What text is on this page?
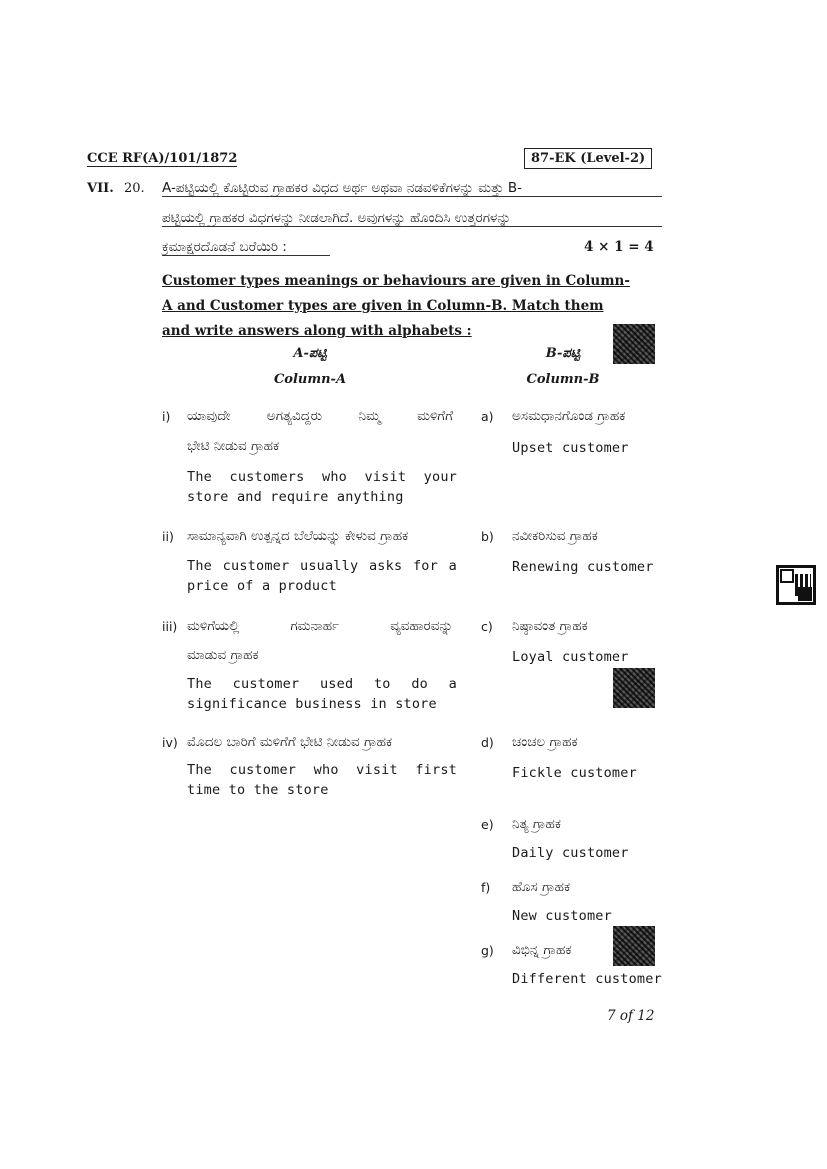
CCE RF(A)/101/1872	87-EK (Level-2)
VII. 20. A-ಪಟ್ಟಿಯಲ್ಲಿ ಕೊಟ್ಟಿರುವ ಗ್ರಾಹಕರ ವಿಧದ ಅರ್ಥ ಅಥವಾ ನಡವಳಿಕೆಗಳನ್ನು ಮತ್ತು B-
ಪಟ್ಟಿಯಲ್ಲಿ ಗ್ರಾಹಕರ ವಿಧಗಳನ್ನು ನೀಡಲಾಗಿದೆ. ಅವುಗಳನ್ನು ಹೊಂದಿಸಿ ಉತ್ತರಗಳನ್ನು
ಕ್ರಮಾಕ್ಷರದೊಡನೆ ಬರೆಯಿರಿ :	4 × 1 = 4
Customer types meanings or behaviours are given in Column-
A and Customer types are given in Column-B. Match them
and write answers along with alphabets :
A-ಪಟ್ಟಿ
Column-A
B-ಪಟ್ಟಿ
Column-B
i) ಯಾವುದೇ ಅಗತ್ಯವಿದ್ದರು ನಿಮ್ಮ ಮಳಿಗೆಗೆ
ಭೇಟಿ ನೀಡುವ ಗ್ರಾಹಕ
The customers who visit your store and require anything
ii) ಸಾಮಾನ್ಯವಾಗಿ ಉತ್ಪನ್ನದ ಬೆಲೆಯನ್ನು ಕೇಳುವ ಗ್ರಾಹಕ
The customer usually asks for a price of a product
iii) ಮಳಿಗೆಯಲ್ಲಿ ಗಮನಾರ್ಹ ವ್ಯವಹಾರವನ್ನು
ಮಾಡುವ ಗ್ರಾಹಕ
The customer used to do a significance business in store
iv) ಮೊದಲ ಬಾರಿಗೆ ಮಳಿಗೆಗೆ ಭೇಟಿ ನೀಡುವ ಗ್ರಾಹಕ
The customer who visit first time to the store
a) ಅಸಮಧಾನಗೊಂಡ ಗ್ರಾಹಕ
Upset customer
b) ನವೀಕರಿಸುವ ಗ್ರಾಹಕ
Renewing customer
c) ನಿಷ್ಠಾವಂತ ಗ್ರಾಹಕ
Loyal customer
d) ಚಂಚಲ ಗ್ರಾಹಕ
Fickle customer
e) ನಿತ್ಯ ಗ್ರಾಹಕ
Daily customer
f) ಹೊಸ ಗ್ರಾಹಕ
New customer
g) ವಿಭಿನ್ನ ಗ್ರಾಹಕ
Different customer
7 of 12
